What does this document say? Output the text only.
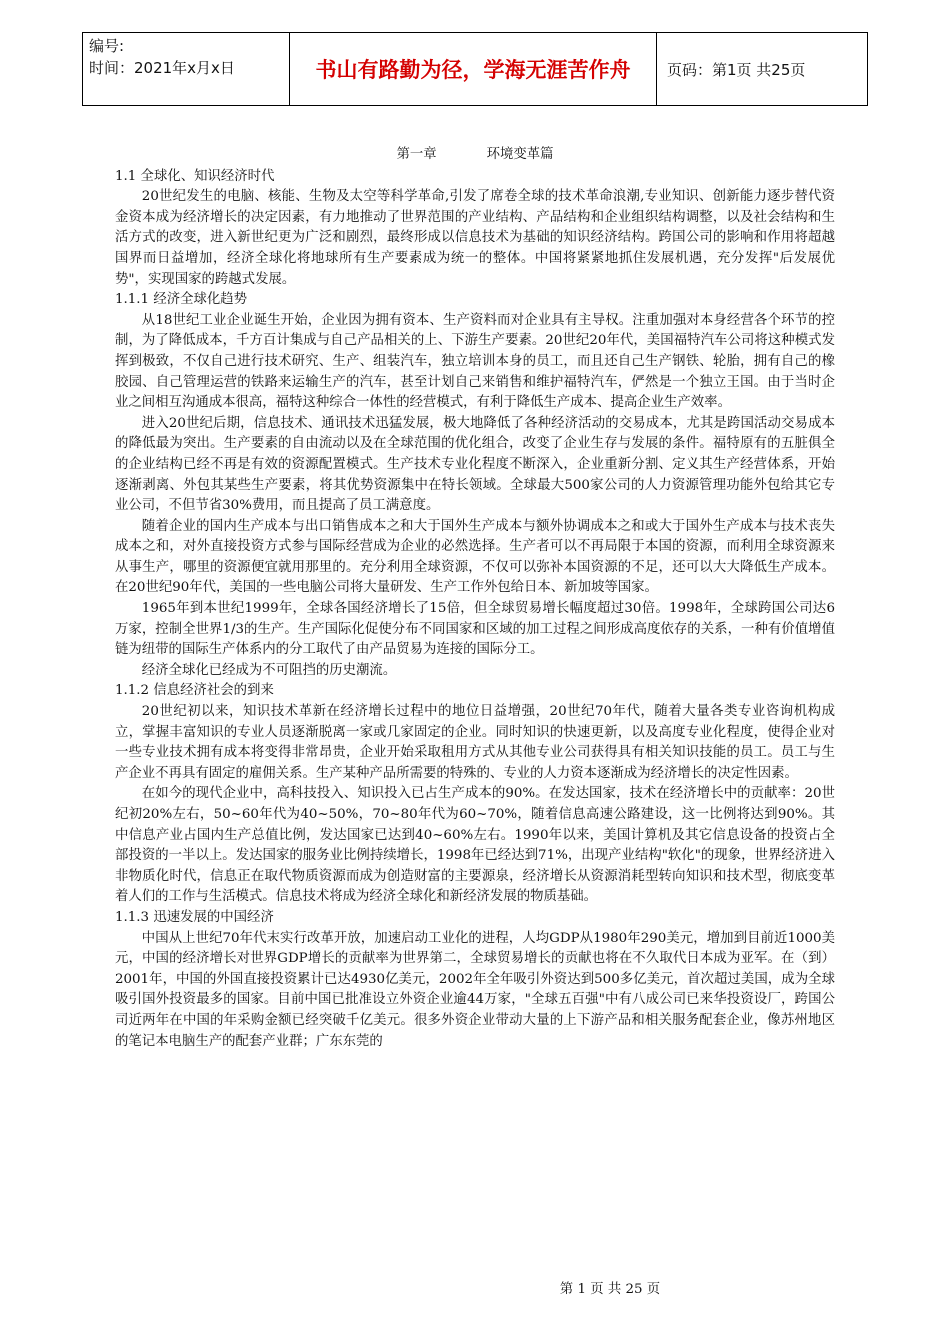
编号:
时间：2021年x月x日	书山有路勤为径，学海无涯苦作舟	页码：第1页 共25页

第一章	环境变革篇

1.1 全球化、知识经济时代

20世纪发生的电脑、核能、生物及太空等科学革命,引发了席卷全球的技术革命浪潮,专业知识、创新能力逐步替代资金资本成为经济增长的决定因素，有力地推动了世界范围的产业结构、产品结构和企业组织结构调整，以及社会结构和生活方式的改变，进入新世纪更为广泛和剧烈，最终形成以信息技术为基础的知识经济结构。跨国公司的影响和作用将超越国界而日益增加，经济全球化将地球所有生产要素成为统一的整体。中国将紧紧地抓住发展机遇，充分发挥"后发展优势"，实现国家的跨越式发展。

1.1.1 经济全球化趋势

从18世纪工业企业诞生开始，企业因为拥有资本、生产资料而对企业具有主导权。注重加强对本身经营各个环节的控制，为了降低成本，千方百计集成与自己产品相关的上、下游生产要素。20世纪20年代，美国福特汽车公司将这种模式发挥到极致，不仅自己进行技术研究、生产、组装汽车，独立培训本身的员工，而且还自己生产钢铁、轮胎，拥有自己的橡胶园、自己管理运营的铁路来运输生产的汽车，甚至计划自己来销售和维护福特汽车，俨然是一个独立王国。由于当时企业之间相互沟通成本很高，福特这种综合一体性的经营模式，有利于降低生产成本、提高企业生产效率。

进入20世纪后期，信息技术、通讯技术迅猛发展，极大地降低了各种经济活动的交易成本，尤其是跨国活动交易成本的降低最为突出。生产要素的自由流动以及在全球范围的优化组合，改变了企业生存与发展的条件。福特原有的五脏俱全的企业结构已经不再是有效的资源配置模式。生产技术专业化程度不断深入，企业重新分割、定义其生产经营体系，开始逐渐剥离、外包其某些生产要素，将其优势资源集中在特长领域。全球最大500家公司的人力资源管理功能外包给其它专业公司，不但节省30%费用，而且提高了员工满意度。

随着企业的国内生产成本与出口销售成本之和大于国外生产成本与额外协调成本之和或大于国外生产成本与技术丧失成本之和，对外直接投资方式参与国际经营成为企业的必然选择。生产者可以不再局限于本国的资源，而利用全球资源来从事生产，哪里的资源便宜就用那里的。充分利用全球资源，不仅可以弥补本国资源的不足，还可以大大降低生产成本。在20世纪90年代，美国的一些电脑公司将大量研发、生产工作外包给日本、新加坡等国家。

1965年到本世纪1999年，全球各国经济增长了15倍，但全球贸易增长幅度超过30倍。1998年，全球跨国公司达6万家，控制全世界1/3的生产。生产国际化促使分布不同国家和区域的加工过程之间形成高度依存的关系，一种有价值增值链为纽带的国际生产体系内的分工取代了由产品贸易为连接的国际分工。

经济全球化已经成为不可阻挡的历史潮流。

1.1.2 信息经济社会的到来

20世纪初以来，知识技术革新在经济增长过程中的地位日益增强，20世纪70年代，随着大量各类专业咨询机构成立，掌握丰富知识的专业人员逐渐脱离一家或几家固定的企业。同时知识的快速更新，以及高度专业化程度，使得企业对一些专业技术拥有成本将变得非常昂贵，企业开始采取租用方式从其他专业公司获得具有相关知识技能的员工。员工与生产企业不再具有固定的雇佣关系。生产某种产品所需要的特殊的、专业的人力资本逐渐成为经济增长的决定性因素。

在如今的现代企业中，高科技投入、知识投入已占生产成本的90%。在发达国家，技术在经济增长中的贡献率：20世纪初20%左右，50~60年代为40~50%，70~80年代为60~70%，随着信息高速公路建设，这一比例将达到90%。其中信息产业占国内生产总值比例，发达国家已达到40~60%左右。1990年以来，美国计算机及其它信息设备的投资占全部投资的一半以上。发达国家的服务业比例持续增长，1998年已经达到71%，出现产业结构"软化"的现象，世界经济进入非物质化时代，信息正在取代物质资源而成为创造财富的主要源泉，经济增长从资源消耗型转向知识和技术型，彻底变革着人们的工作与生活模式。信息技术将成为经济全球化和新经济发展的物质基础。

1.1.3 迅速发展的中国经济

中国从上世纪70年代末实行改革开放，加速启动工业化的进程，人均GDP从1980年290美元，增加到目前近1000美元，中国的经济增长对世界GDP增长的贡献率为世界第二，全球贸易增长的贡献也将在不久取代日本成为亚军。在（到）2001年，中国的外国直接投资累计已达4930亿美元，2002年全年吸引外资达到500多亿美元，首次超过美国，成为全球吸引国外投资最多的国家。目前中国已批准设立外资企业逾44万家，"全球五百强"中有八成公司已来华投资设厂，跨国公司近两年在中国的年采购金额已经突破千亿美元。很多外资企业带动大量的上下游产品和相关服务配套企业，像苏州地区的笔记本电脑生产的配套产业群；广东东莞的

第 1 页 共 25 页
